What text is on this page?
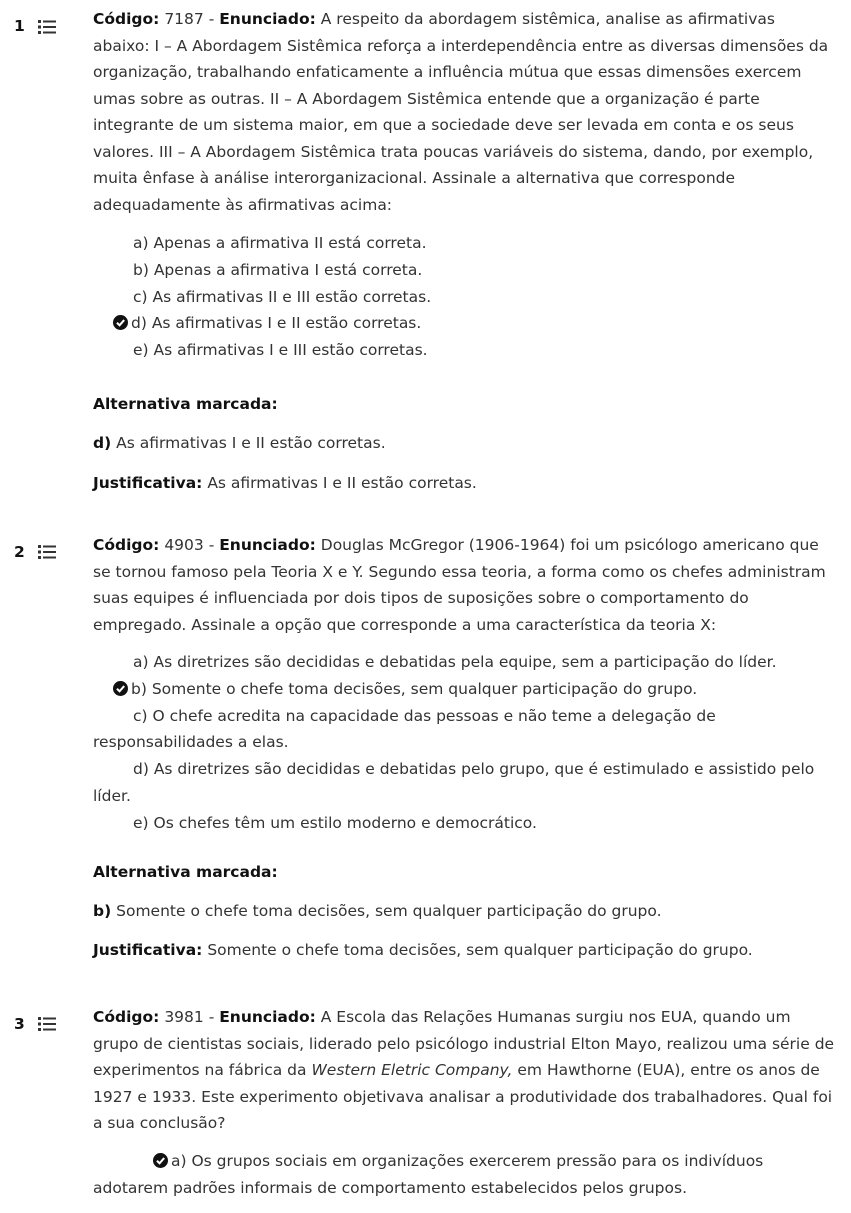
1	Código: 7187 - Enunciado: A respeito da abordagem sistêmica, analise as afirmativas abaixo: I – A Abordagem Sistêmica reforça a interdependência entre as diversas dimensões da organização, trabalhando enfaticamente a influência mútua que essas dimensões exercem umas sobre as outras. II – A Abordagem Sistêmica entende que a organização é parte integrante de um sistema maior, em que a sociedade deve ser levada em conta e os seus valores. III – A Abordagem Sistêmica trata poucas variáveis do sistema, dando, por exemplo, muita ênfase à análise interorganizacional. Assinale a alternativa que corresponde adequadamente às afirmativas acima:
a) Apenas a afirmativa II está correta.
b) Apenas a afirmativa I está correta.
c) As afirmativas II e III estão corretas.
d) As afirmativas I e II estão corretas.
e) As afirmativas I e III estão corretas.
Alternativa marcada:
d) As afirmativas I e II estão corretas.
Justificativa: As afirmativas I e II estão corretas.
2	Código: 4903 - Enunciado: Douglas McGregor (1906-1964) foi um psicólogo americano que se tornou famoso pela Teoria X e Y. Segundo essa teoria, a forma como os chefes administram suas equipes é influenciada por dois tipos de suposições sobre o comportamento do empregado. Assinale a opção que corresponde a uma característica da teoria X:
a) As diretrizes são decididas e debatidas pela equipe, sem a participação do líder.
b) Somente o chefe toma decisões, sem qualquer participação do grupo.
c) O chefe acredita na capacidade das pessoas e não teme a delegação de responsabilidades a elas.
d) As diretrizes são decididas e debatidas pelo grupo, que é estimulado e assistido pelo líder.
e) Os chefes têm um estilo moderno e democrático.
Alternativa marcada:
b) Somente o chefe toma decisões, sem qualquer participação do grupo.
Justificativa: Somente o chefe toma decisões, sem qualquer participação do grupo.
3	Código: 3981 - Enunciado: A Escola das Relações Humanas surgiu nos EUA, quando um grupo de cientistas sociais, liderado pelo psicólogo industrial Elton Mayo, realizou uma série de experimentos na fábrica da Western Eletric Company, em Hawthorne (EUA), entre os anos de 1927 e 1933. Este experimento objetivava analisar a produtividade dos trabalhadores. Qual foi a sua conclusão?
a) Os grupos sociais em organizações exercerem pressão para os indivíduos adotarem padrões informais de comportamento estabelecidos pelos grupos.
